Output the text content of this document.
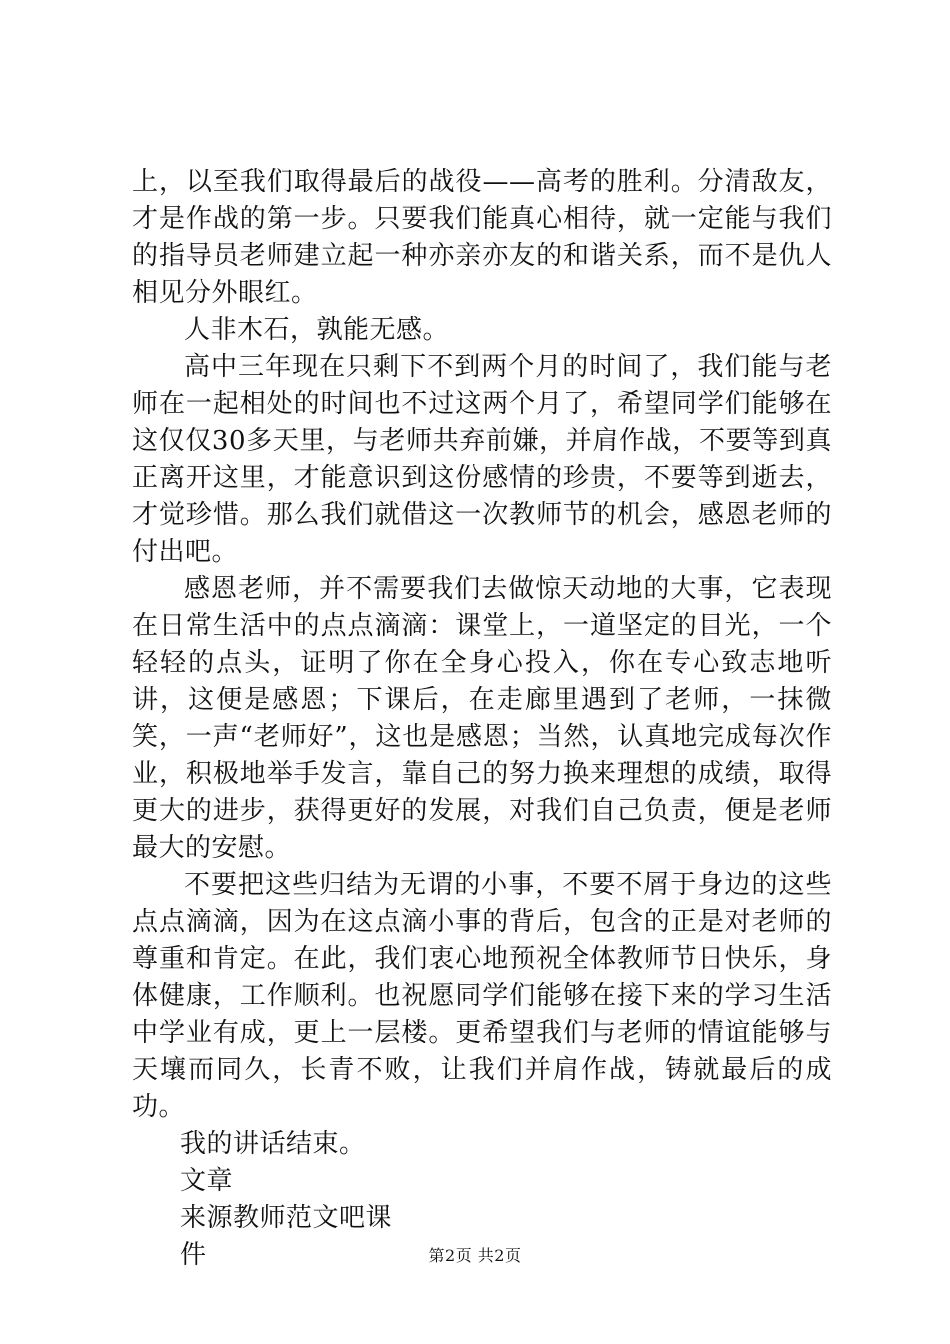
上，以至我们取得最后的战役——高考的胜利。分清敌友，才是作战的第一步。只要我们能真心相待，就一定能与我们的指导员老师建立起一种亦亲亦友的和谐关系，而不是仇人相见分外眼红。

人非木石，孰能无感。

高中三年现在只剩下不到两个月的时间了，我们能与老师在一起相处的时间也不过这两个月了，希望同学们能够在这仅仅30多天里，与老师共弃前嫌，并肩作战，不要等到真正离开这里，才能意识到这份感情的珍贵，不要等到逝去，才觉珍惜。那么我们就借这一次教师节的机会，感恩老师的付出吧。

感恩老师，并不需要我们去做惊天动地的大事，它表现在日常生活中的点点滴滴：课堂上，一道坚定的目光，一个轻轻的点头，证明了你在全身心投入，你在专心致志地听讲，这便是感恩；下课后，在走廊里遇到了老师，一抹微笑，一声“老师好”，这也是感恩；当然，认真地完成每次作业，积极地举手发言，靠自己的努力换来理想的成绩，取得更大的进步，获得更好的发展，对我们自己负责，便是老师最大的安慰。

不要把这些归结为无谓的小事，不要不屑于身边的这些点点滴滴，因为在这点滴小事的背后，包含的正是对老师的尊重和肯定。在此，我们衷心地预祝全体教师节日快乐，身体健康，工作顺利。也祝愿同学们能够在接下来的学习生活中学业有成，更上一层楼。更希望我们与老师的情谊能够与天壤而同久，长青不败，让我们并肩作战，铸就最后的成功。

我的讲话结束。

文章

来源教师范文吧课

件	第2页 共2页
